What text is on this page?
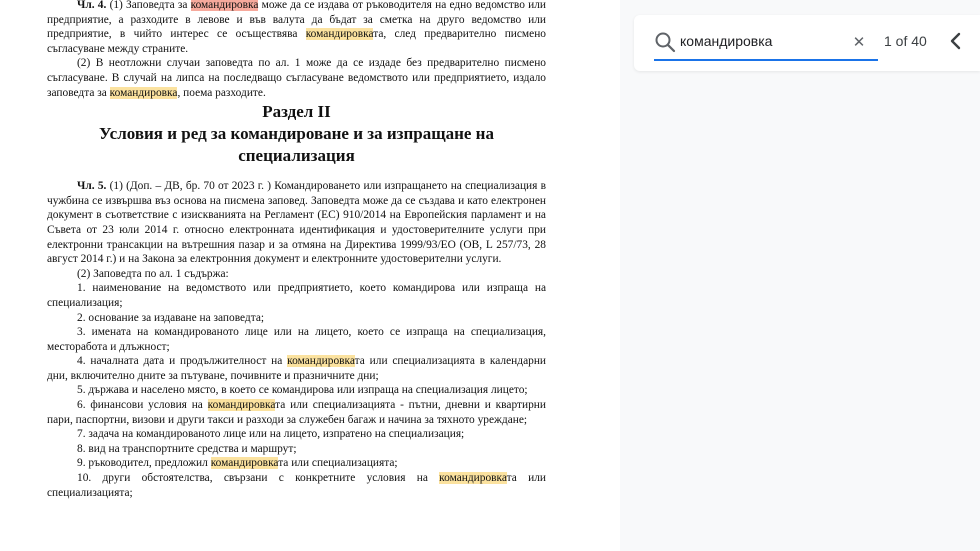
Чл. 4. (1) Заповедта за командировка може да се издава от ръководителя на едно ведомство или предприятие, а разходите в левове и във валута да бъдат за сметка на друго ведомство или предприятие, в чийто интерес се осъществява командировката, след предварително писмено съгласуване между страните.

(2) В неотложни случаи заповедта по ал. 1 може да се издаде без предварително писмено съгласуване. В случай на липса на последващо съгласуване ведомството или предприятието, издало заповедта за командировка, поема разходите.

Раздел II

Условия и ред за командироване и за изпращане на специализация

Чл. 5. (1) (Доп. – ДВ, бр. 70 от 2023 г. ) Командироването или изпращането на специализация в чужбина се извършва въз основа на писмена заповед. Заповедта може да се създава и като електронен документ в съответствие с изискванията на Регламент (ЕС) 910/2014 на Европейския парламент и на Съвета от 23 юли 2014 г. относно електронната идентификация и удостоверителните услуги при електронни трансакции на вътрешния пазар и за отмяна на Директива 1999/93/ЕО (ОВ, L 257/73, 28 август 2014 г.) и на Закона за електронния документ и електронните удостоверителни услуги.

(2) Заповедта по ал. 1 съдържа:

1. наименование на ведомството или предприятието, което командирова или изпраща на специализация;

2. основание за издаване на заповедта;

3. имената на командированото лице или на лицето, което се изпраща на специализация, месторабота и длъжност;

4. началната дата и продължителност на командировката или специализацията в календарни дни, включително дните за пътуване, почивните и празничните дни;

5. държава и населено място, в което се командирова или изпраща на специализация лицето;

6. финансови условия на командировката или специализацията - пътни, дневни и квартирни пари, паспортни, визови и други такси и разходи за служебен багаж и начина за тяхното уреждане;

7. задача на командированото лице или на лицето, изпратено на специализация;

8. вид на транспортните средства и маршрут;

9. ръководител, предложил командировката или специализацията;

10. други обстоятелства, свързани с конкретните условия на командировката или специализацията;

командировка
✕ 1 of 40
